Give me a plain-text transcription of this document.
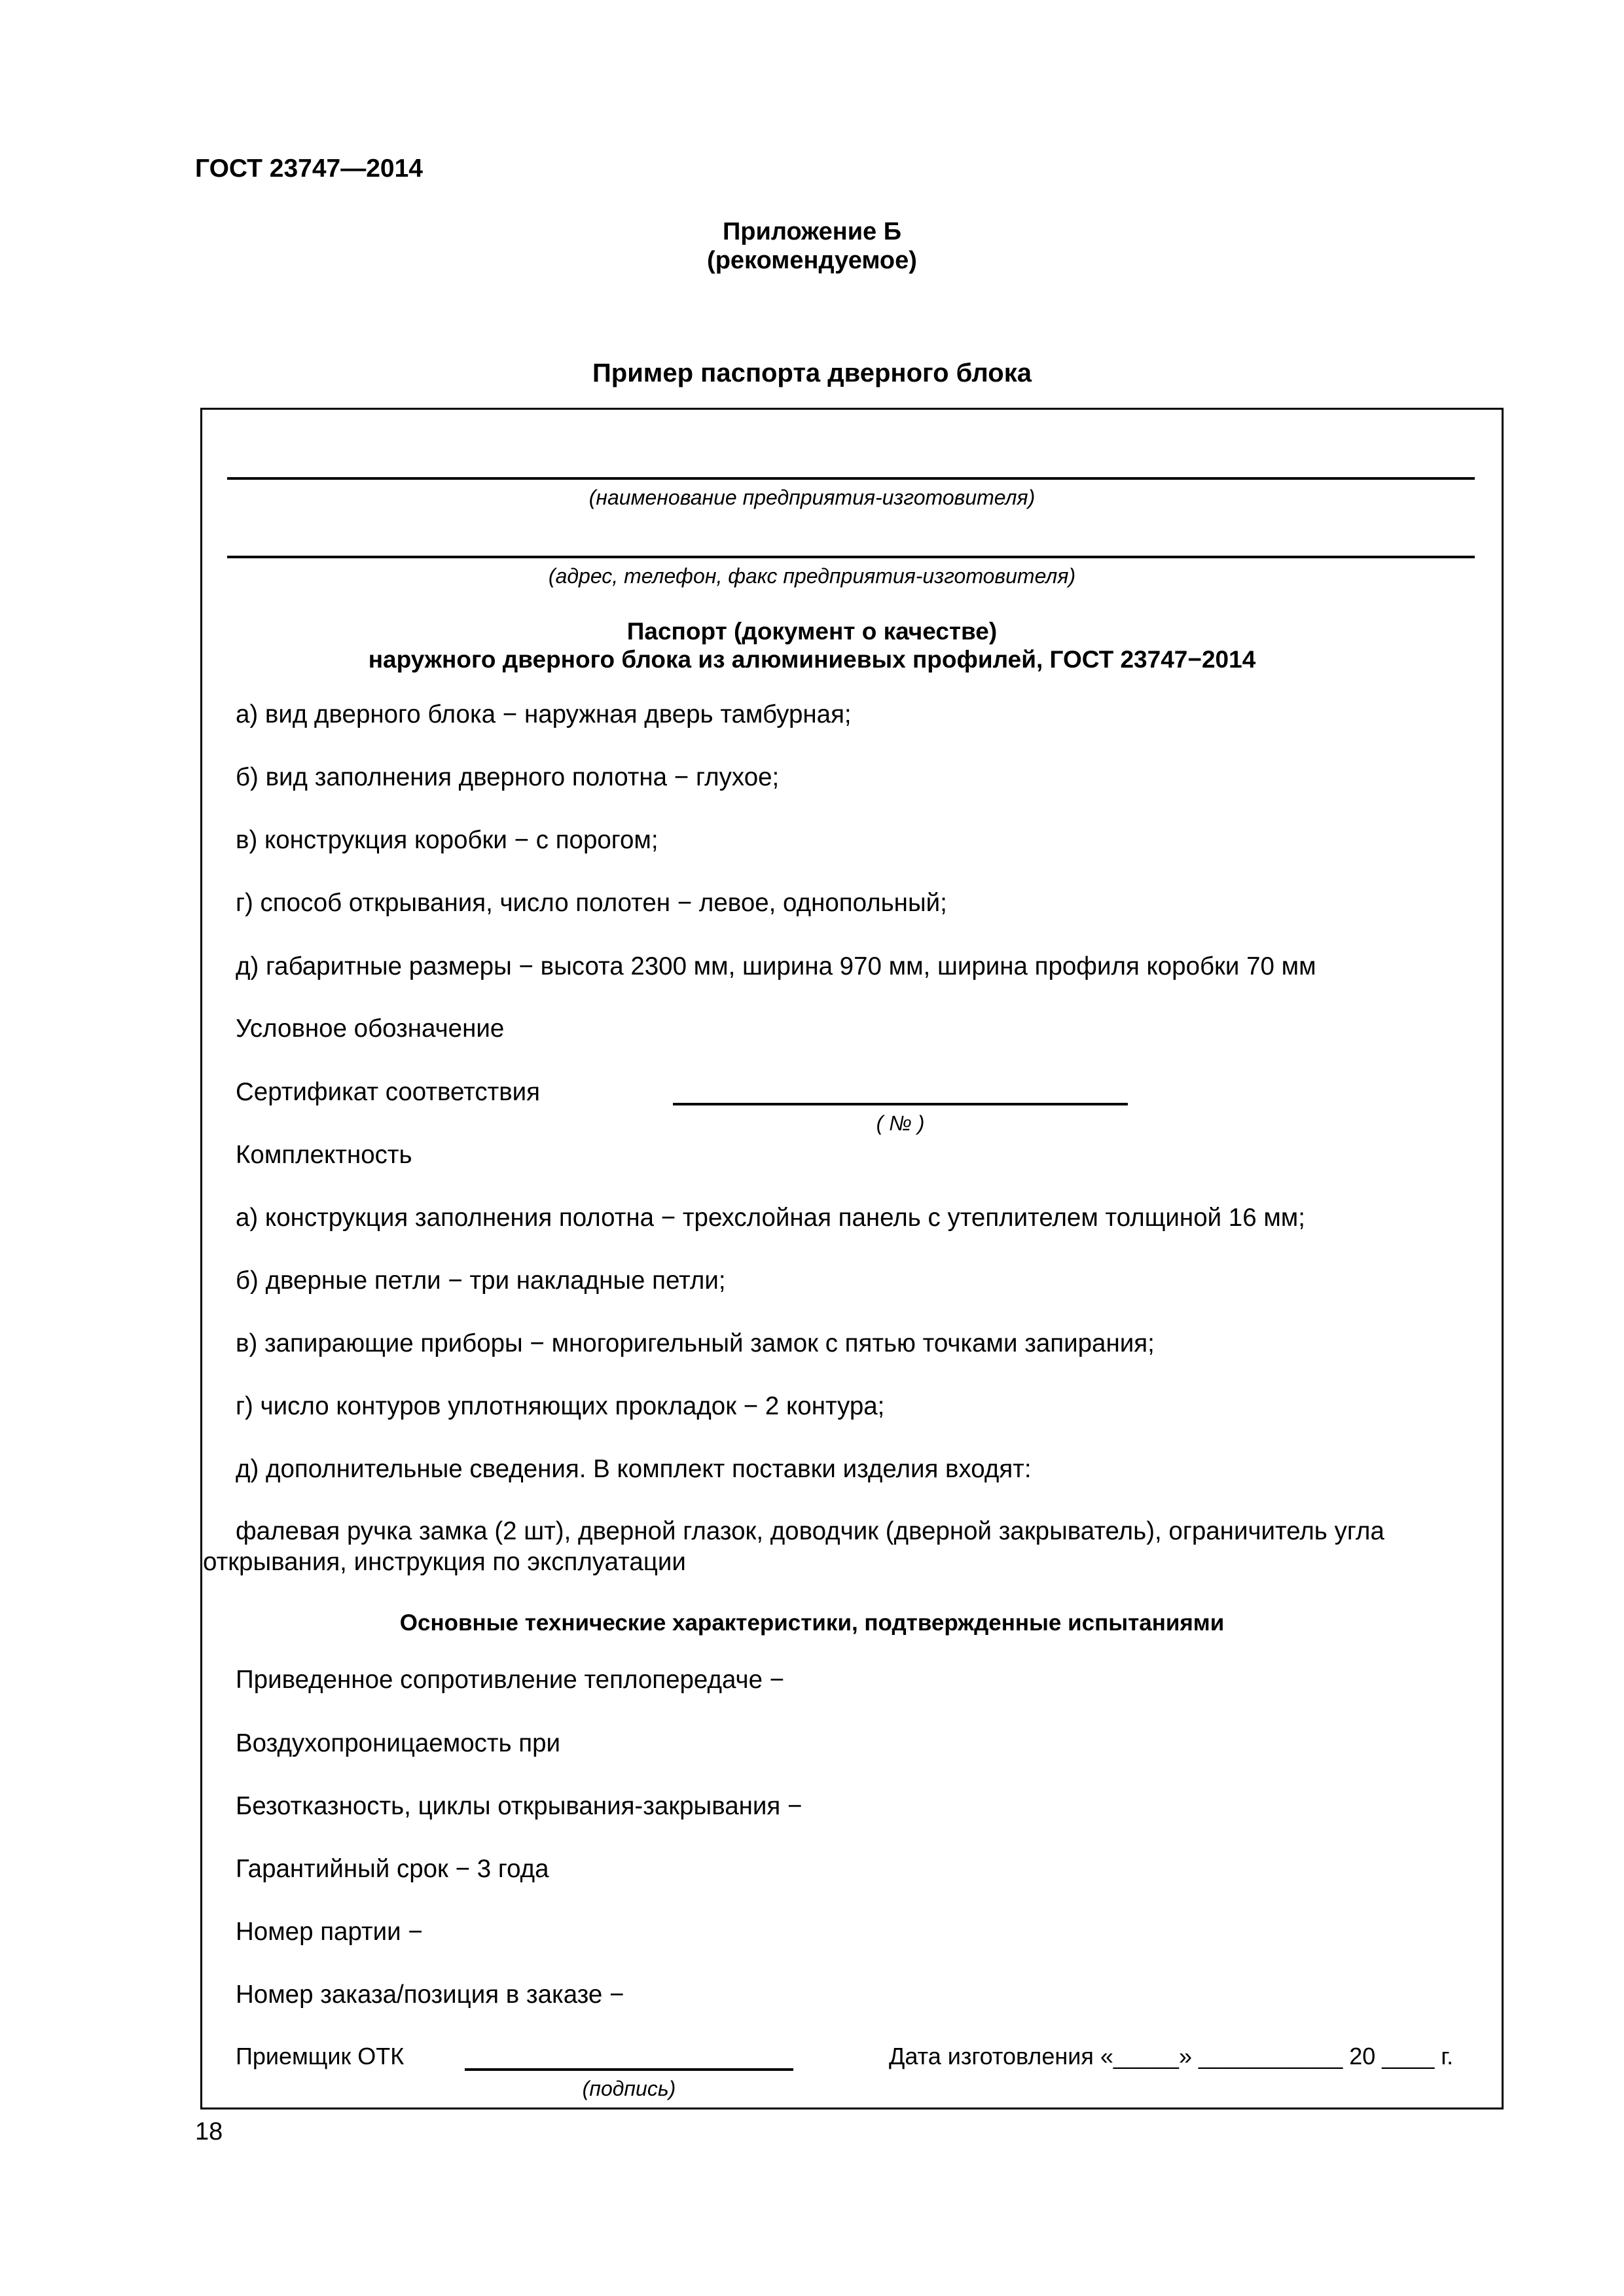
ГОСТ 23747—2014
Приложение Б
(рекомендуемое)
Пример паспорта дверного блока
(наименование предприятия-изготовителя)
(адрес, телефон, факс предприятия-изготовителя)
Паспорт (документ о качестве)
наружного дверного блока из алюминиевых профилей, ГОСТ 23747−2014
а) вид дверного блока − наружная дверь тамбурная;
б) вид заполнения дверного полотна − глухое;
в) конструкция коробки − с порогом;
г) способ открывания, число полотен − левое, однопольный;
д) габаритные размеры − высота 2300 мм, ширина 970 мм, ширина профиля коробки 70 мм
Условное обозначение
Сертификат соответствия
( № )
Комплектность
а) конструкция заполнения полотна − трехслойная панель с утеплителем толщиной 16 мм;
б) дверные петли − три накладные петли;
в) запирающие приборы − многоригельный замок с пятью точками запирания;
г) число контуров уплотняющих прокладок − 2 контура;
д) дополнительные сведения. В комплект поставки изделия входят:
фалевая ручка замка (2 шт), дверной глазок, доводчик (дверной закрыватель), ограничитель угла
открывания, инструкция по эксплуатации
Основные технические характеристики, подтвержденные испытаниями
Приведенное сопротивление теплопередаче −
Воздухопроницаемость при
Безотказность, циклы открывания-закрывания −
Гарантийный срок − 3 года
Номер партии −
Номер заказа/позиция в заказе −
Приемщик ОТК
(подпись)
Дата изготовления «_____» ___________ 20 ____ г.
18
